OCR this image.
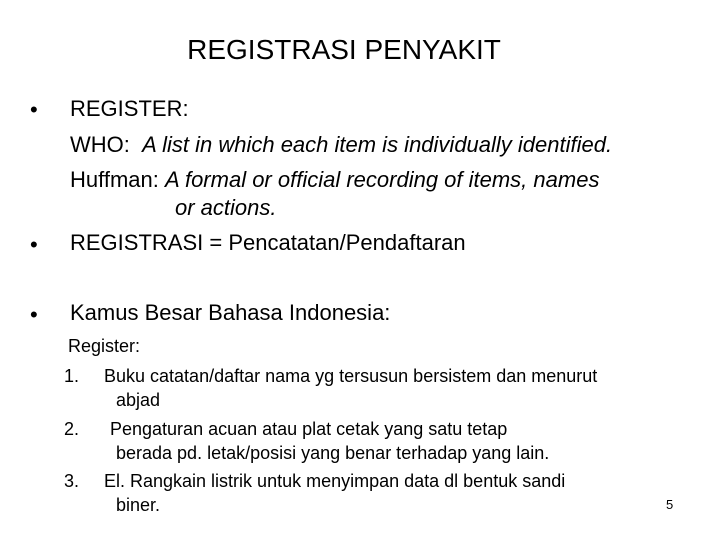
REGISTRASI PENYAKIT
• REGISTER:
WHO: A list in which each item is individually identified.
Huffman: A formal or official recording of items, names
or actions.
• REGISTRASI = Pencatatan/Pendaftaran
• Kamus Besar Bahasa Indonesia:
Register:
1. Buku catatan/daftar nama yg tersusun bersistem dan menurut
abjad
2. Pengaturan acuan atau plat cetak yang satu tetap
berada pd. letak/posisi yang benar terhadap yang lain.
3. El. Rangkain listrik untuk menyimpan data dl bentuk sandi
biner.	5
